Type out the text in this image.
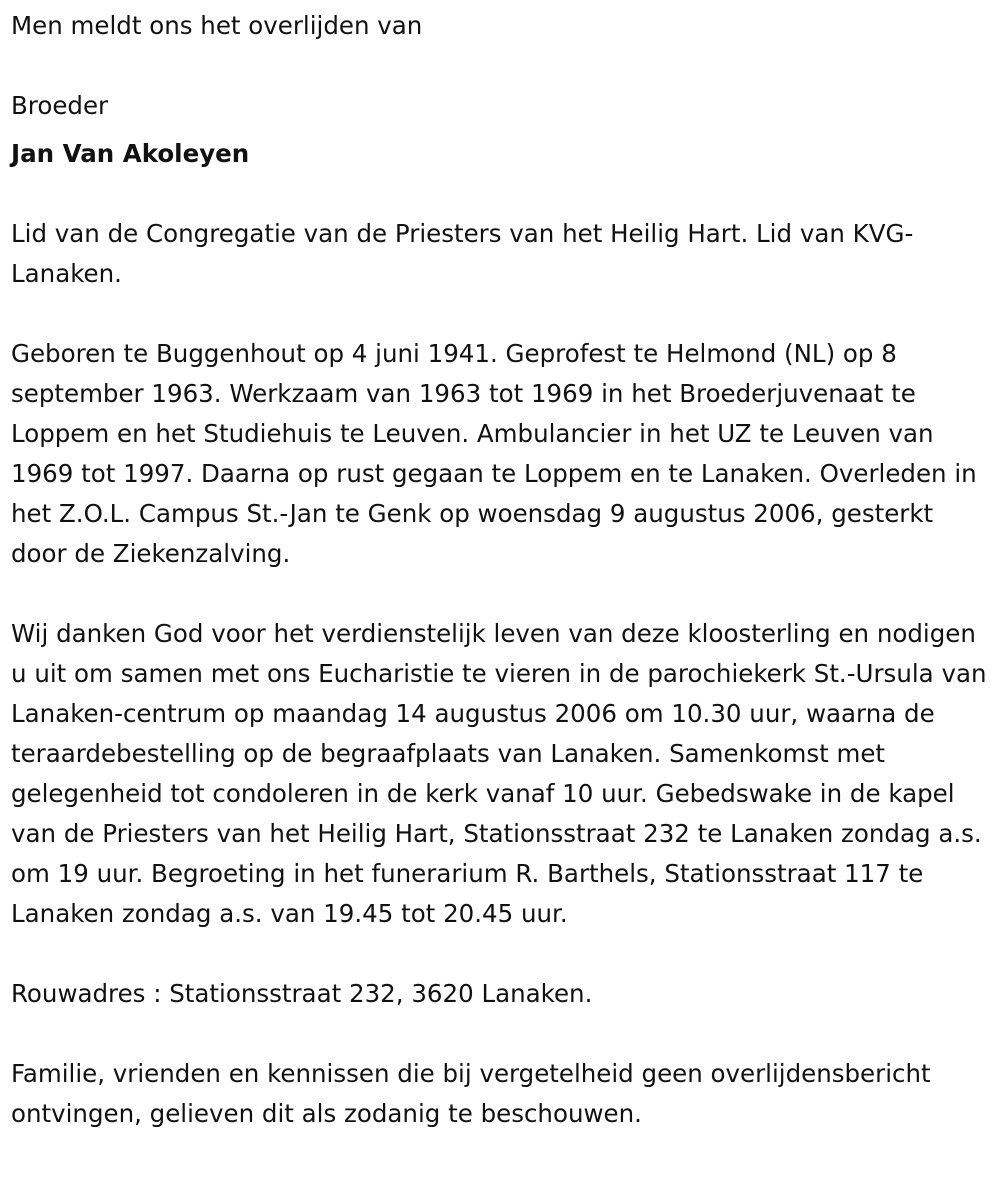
Men meldt ons het overlijden van

Broeder

Jan Van Akoleyen

Lid van de Congregatie van de Priesters van het Heilig Hart. Lid van KVG-Lanaken.

Geboren te Buggenhout op 4 juni 1941. Geprofest te Helmond (NL) op 8 september 1963. Werkzaam van 1963 tot 1969 in het Broederjuvenaat te Loppem en het Studiehuis te Leuven. Ambulancier in het UZ te Leuven van 1969 tot 1997. Daarna op rust gegaan te Loppem en te Lanaken. Overleden in het Z.O.L. Campus St.-Jan te Genk op woensdag 9 augustus 2006, gesterkt door de Ziekenzalving.

Wij danken God voor het verdienstelijk leven van deze kloosterling en nodigen u uit om samen met ons Eucharistie te vieren in de parochiekerk St.-Ursula van Lanaken-centrum op maandag 14 augustus 2006 om 10.30 uur, waarna de teraardebestelling op de begraafplaats van Lanaken. Samenkomst met gelegenheid tot condoleren in de kerk vanaf 10 uur. Gebedswake in de kapel van de Priesters van het Heilig Hart, Stationsstraat 232 te Lanaken zondag a.s. om 19 uur. Begroeting in het funerarium R. Barthels, Stationsstraat 117 te Lanaken zondag a.s. van 19.45 tot 20.45 uur.

Rouwadres : Stationsstraat 232, 3620 Lanaken.

Familie, vrienden en kennissen die bij vergetelheid geen overlijdensbericht ontvingen, gelieven dit als zodanig te beschouwen.
